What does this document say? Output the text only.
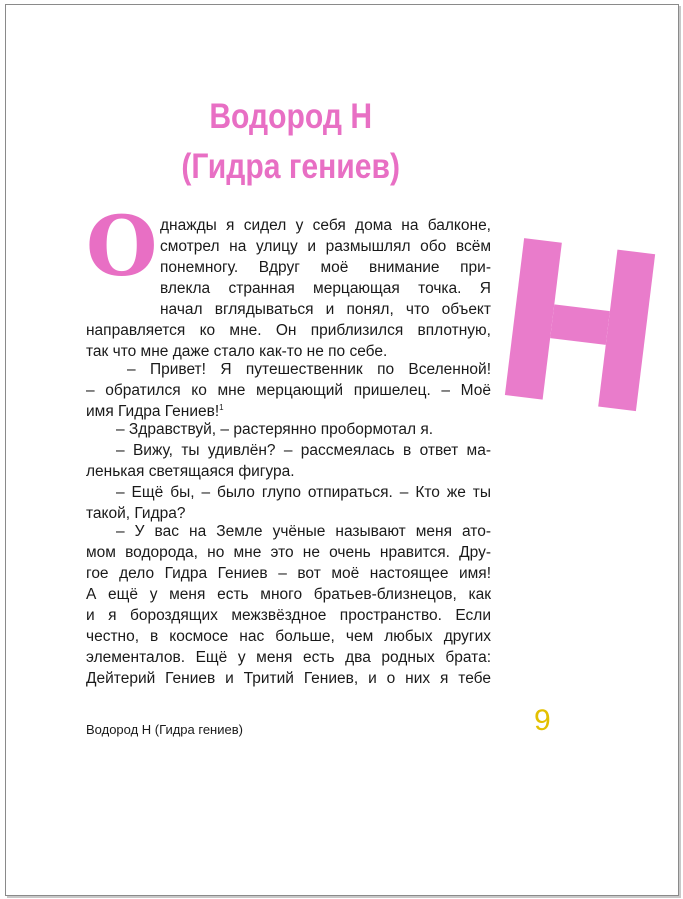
Водород Н
(Гидра гениев)
О днажды я сидел у себя дома на балконе,
смотрел на улицу и размышлял обо всём
понемногу. Вдруг моё внимание при-
влекла странная мерцающая точка. Я
начал вглядываться и понял, что объект
направляется ко мне. Он приблизился вплотную,
так что мне даже стало как-то не по себе.
– Привет! Я путешественник по Вселенной!
– обратился ко мне мерцающий пришелец. – Моё
имя Гидра Гениев!$^1$
– Здравствуй, – растерянно пробормотал я.
– Вижу, ты удивлён? – рассмеялась в ответ ма-
ленькая светящаяся фигура.
– Ещё бы, – было глупо отпираться. – Кто же ты
такой, Гидра?
– У вас на Земле учёные называют меня ато-
мом водорода, но мне это не очень нравится. Дру-
гое дело Гидра Гениев – вот моё настоящее имя!
А ещё у меня есть много братьев-близнецов, как
и я бороздящих межзвёздное пространство. Если
честно, в космосе нас больше, чем любых других
элементалов. Ещё у меня есть два родных брата:
Дейтерий Гениев и Тритий Гениев, и о них я тебе
Водород Н (Гидра гениев)	9
